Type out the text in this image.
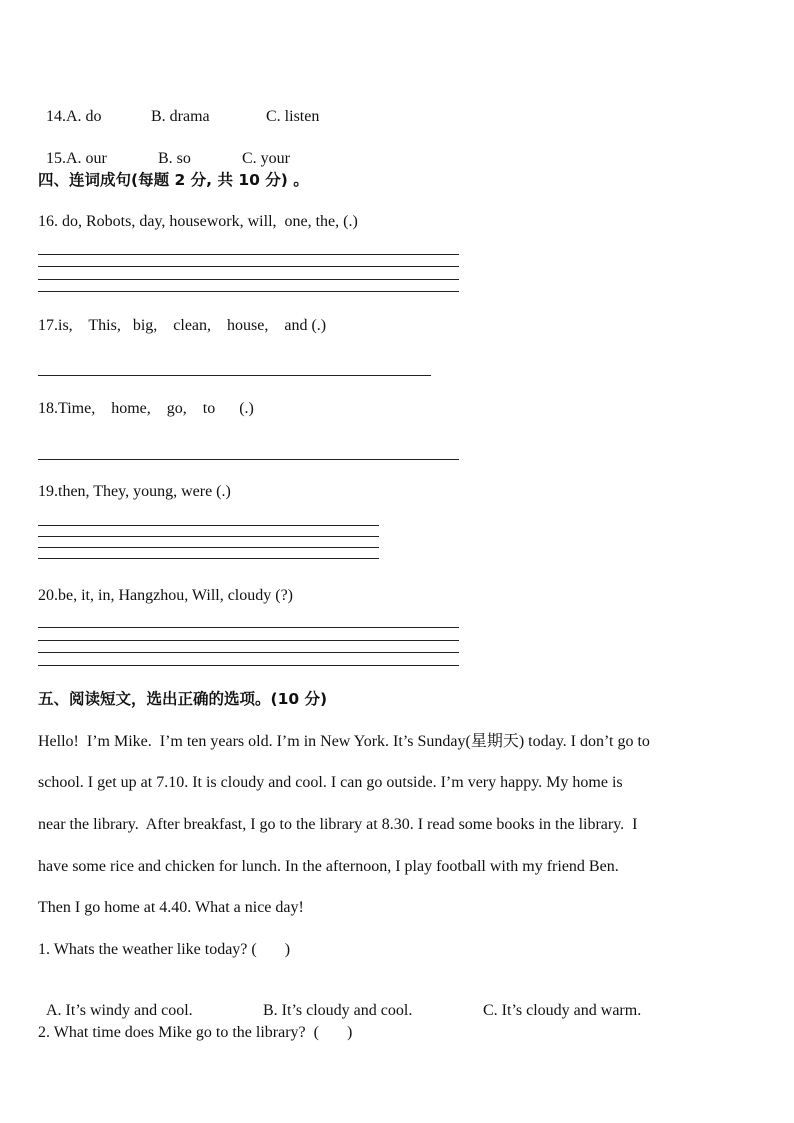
14.A. do	B. drama	C. listen

15.A. our	B. so	C. your

四、连词成句(每题 2 分, 共 10 分) 。
16. do, Robots, day, housework, will,  one, the, (.)
17.is,    This,   big,    clean,    house,    and (.)
18.Time,    home,    go,    to      (.)
19.then, They, young, were (.)
20.be, it, in, Hangzhou, Will, cloudy (?)
五、阅读短文，选出正确的选项。(10 分)
Hello!  I’m Mike.  I’m ten years old. I’m in New York. It’s Sunday(星期天) today. I don’t go to
school. I get up at 7.10. It is cloudy and cool. I can go outside. I’m very happy. My home is
near the library.  After breakfast, I go to the library at 8.30. I read some books in the library.  I
have some rice and chicken for lunch. In the afternoon, I play football with my friend Ben.
Then I go home at 4.40. What a nice day!
1. Whats the weather like today? (       )

A. It’s windy and cool.	B. It’s cloudy and cool.	C. It’s cloudy and warm.

2. What time does Mike go to the library?  (       )
